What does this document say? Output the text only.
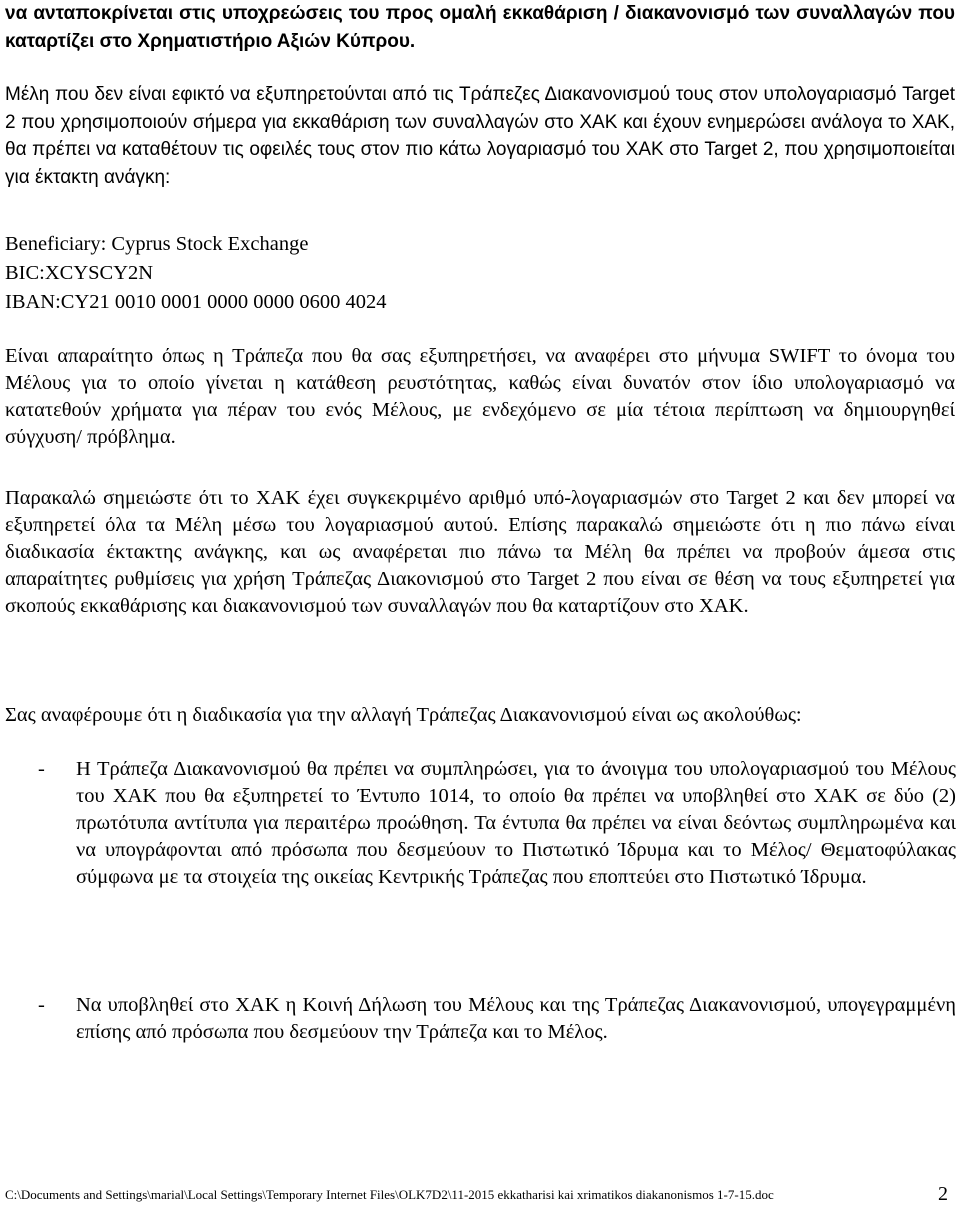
να ανταποκρίνεται στις υποχρεώσεις του προς ομαλή εκκαθάριση / διακανονισμό των συναλλαγών που καταρτίζει στο Χρηματιστήριο Αξιών Κύπρου.
Μέλη που δεν είναι εφικτό να εξυπηρετούνται από τις Τράπεζες Διακανονισμού τους στον υπολογαριασμό Target 2 που χρησιμοποιούν σήμερα για εκκαθάριση των συναλλαγών στο ΧΑΚ και έχουν ενημερώσει ανάλογα το ΧΑΚ, θα πρέπει να καταθέτουν τις οφειλές τους στον πιο κάτω λογαριασμό του ΧΑΚ στο Target 2, που χρησιμοποιείται για έκτακτη ανάγκη:
Beneficiary: Cyprus Stock Exchange
BIC:XCYSCY2N
IBAN:CY21 0010 0001 0000 0000 0600 4024
Είναι απαραίτητο όπως η Τράπεζα που θα σας εξυπηρετήσει, να αναφέρει στο μήνυμα SWIFT το όνομα του Μέλους για το οποίο γίνεται η κατάθεση ρευστότητας, καθώς είναι δυνατόν στον ίδιο υπολογαριασμό να κατατεθούν χρήματα για πέραν του ενός Μέλους, με ενδεχόμενο σε μία τέτοια περίπτωση να δημιουργηθεί σύγχυση/ πρόβλημα.
Παρακαλώ σημειώστε ότι το ΧΑΚ έχει συγκεκριμένο αριθμό υπό-λογαριασμών στο Target 2 και δεν μπορεί να εξυπηρετεί όλα τα Μέλη μέσω του λογαριασμού αυτού. Επίσης παρακαλώ σημειώστε ότι η πιο πάνω είναι διαδικασία έκτακτης ανάγκης, και ως αναφέρεται πιο πάνω τα Μέλη θα πρέπει να προβούν άμεσα στις απαραίτητες ρυθμίσεις για χρήση Τράπεζας Διακονισμού στο Target 2 που είναι σε θέση να τους εξυπηρετεί για σκοπούς εκκαθάρισης και διακανονισμού των συναλλαγών που θα καταρτίζουν στο ΧΑΚ.
Σας αναφέρουμε ότι η διαδικασία για την αλλαγή Τράπεζας Διακανονισμού είναι ως ακολούθως:
-	Η Τράπεζα Διακανονισμού θα πρέπει να συμπληρώσει, για το άνοιγμα του υπολογαριασμού του Μέλους του ΧΑΚ που θα εξυπηρετεί το Έντυπο 1014, το οποίο θα πρέπει να υποβληθεί στο ΧΑΚ σε δύο (2) πρωτότυπα αντίτυπα για περαιτέρω προώθηση. Τα έντυπα θα πρέπει να είναι δεόντως συμπληρωμένα και να υπογράφονται από πρόσωπα που δεσμεύουν το Πιστωτικό Ίδρυμα και το Μέλος/ Θεματοφύλακας σύμφωνα με τα στοιχεία της οικείας Κεντρικής Τράπεζας που εποπτεύει στο Πιστωτικό Ίδρυμα.
-	Να υποβληθεί στο ΧΑΚ η Κοινή Δήλωση του Μέλους και της Τράπεζας Διακανονισμού, υπογεγραμμένη επίσης από πρόσωπα που δεσμεύουν την Τράπεζα και το Μέλος.
C:\Documents and Settings\marial\Local Settings\Temporary Internet Files\OLK7D2\11-2015 ekkatharisi kai xrimatikos diakanonismos 1-7-15.doc	2
